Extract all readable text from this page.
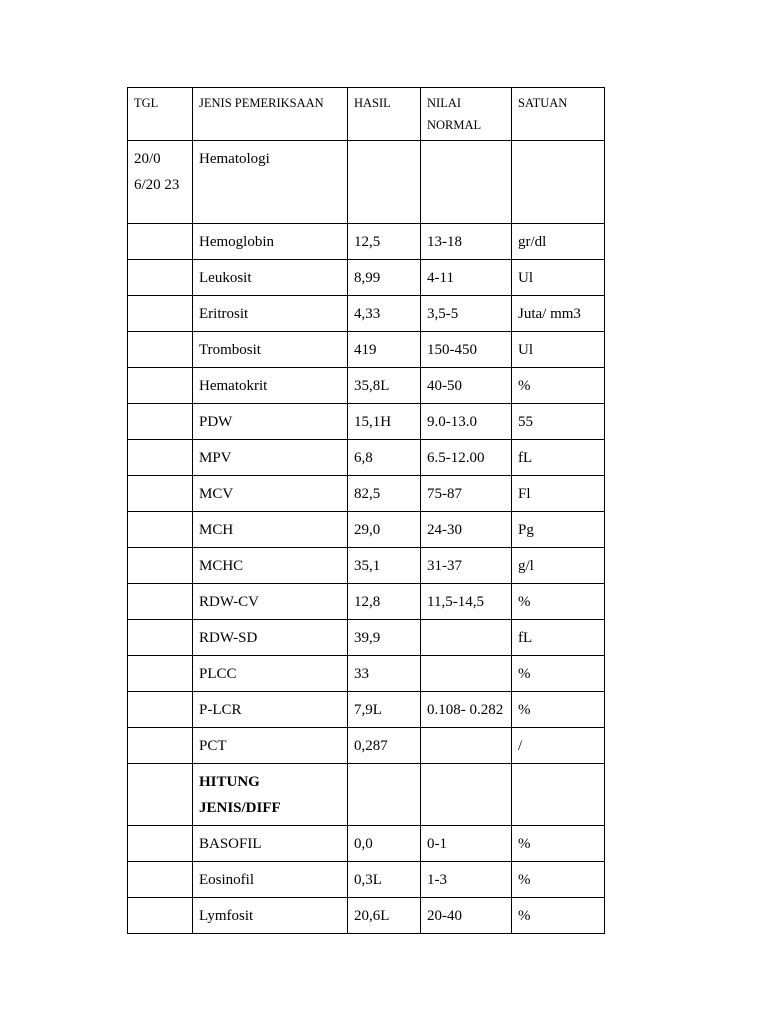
TGL	JENIS PEMERIKSAAN	HASIL	NILAI NORMAL	SATUAN
20/0 6/20 23	Hematologi			
	Hemoglobin	12,5	13-18	gr/dl
	Leukosit	8,99	4-11	Ul
	Eritrosit	4,33	3,5-5	Juta/ mm3
	Trombosit	419	150-450	Ul
	Hematokrit	35,8L	40-50	%
	PDW	15,1H	9.0-13.0	55
	MPV	6,8	6.5-12.00	fL
	MCV	82,5	75-87	Fl
	MCH	29,0	24-30	Pg
	MCHC	35,1	31-37	g/l
	RDW-CV	12,8	11,5-14,5	%
	RDW-SD	39,9		fL
	PLCC	33		%
	P-LCR	7,9L	0.108- 0.282	%
	PCT	0,287		/
	HITUNG JENIS/DIFF			
	BASOFIL	0,0	0-1	%
	Eosinofil	0,3L	1-3	%
	Lymfosit	20,6L	20-40	%
